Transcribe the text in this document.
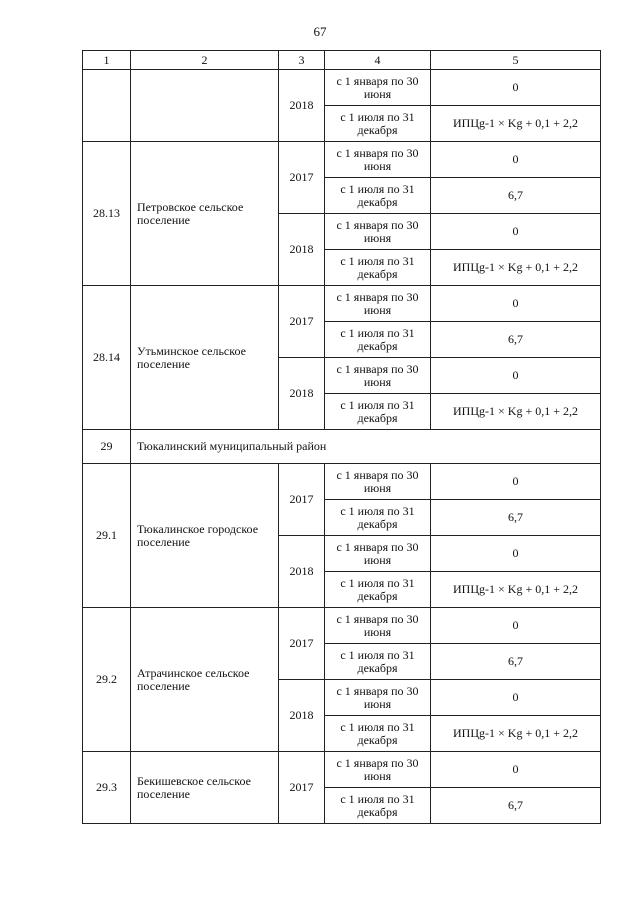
67
1	2	3	4	5
		2018	с 1 января по 30 июня	0
			с 1 июля по 31 декабря	ИПЦg-1 × Kg + 0,1 + 2,2
28.13	Петровское сельское поселение	2017	с 1 января по 30 июня	0
			с 1 июля по 31 декабря	6,7
		2018	с 1 января по 30 июня	0
			с 1 июля по 31 декабря	ИПЦg-1 × Kg + 0,1 + 2,2
28.14	Утьминское сельское поселение	2017	с 1 января по 30 июня	0
			с 1 июля по 31 декабря	6,7
		2018	с 1 января по 30 июня	0
			с 1 июля по 31 декабря	ИПЦg-1 × Kg + 0,1 + 2,2
29	Тюкалинский муниципальный район			
29.1	Тюкалинское городское поселение	2017	с 1 января по 30 июня	0
			с 1 июля по 31 декабря	6,7
		2018	с 1 января по 30 июня	0
			с 1 июля по 31 декабря	ИПЦg-1 × Kg + 0,1 + 2,2
29.2	Атрачинское сельское поселение	2017	с 1 января по 30 июня	0
			с 1 июля по 31 декабря	6,7
		2018	с 1 января по 30 июня	0
			с 1 июля по 31 декабря	ИПЦg-1 × Kg + 0,1 + 2,2
29.3	Бекишевское сельское поселение	2017	с 1 января по 30 июня	0
			с 1 июля по 31 декабря	6,7
